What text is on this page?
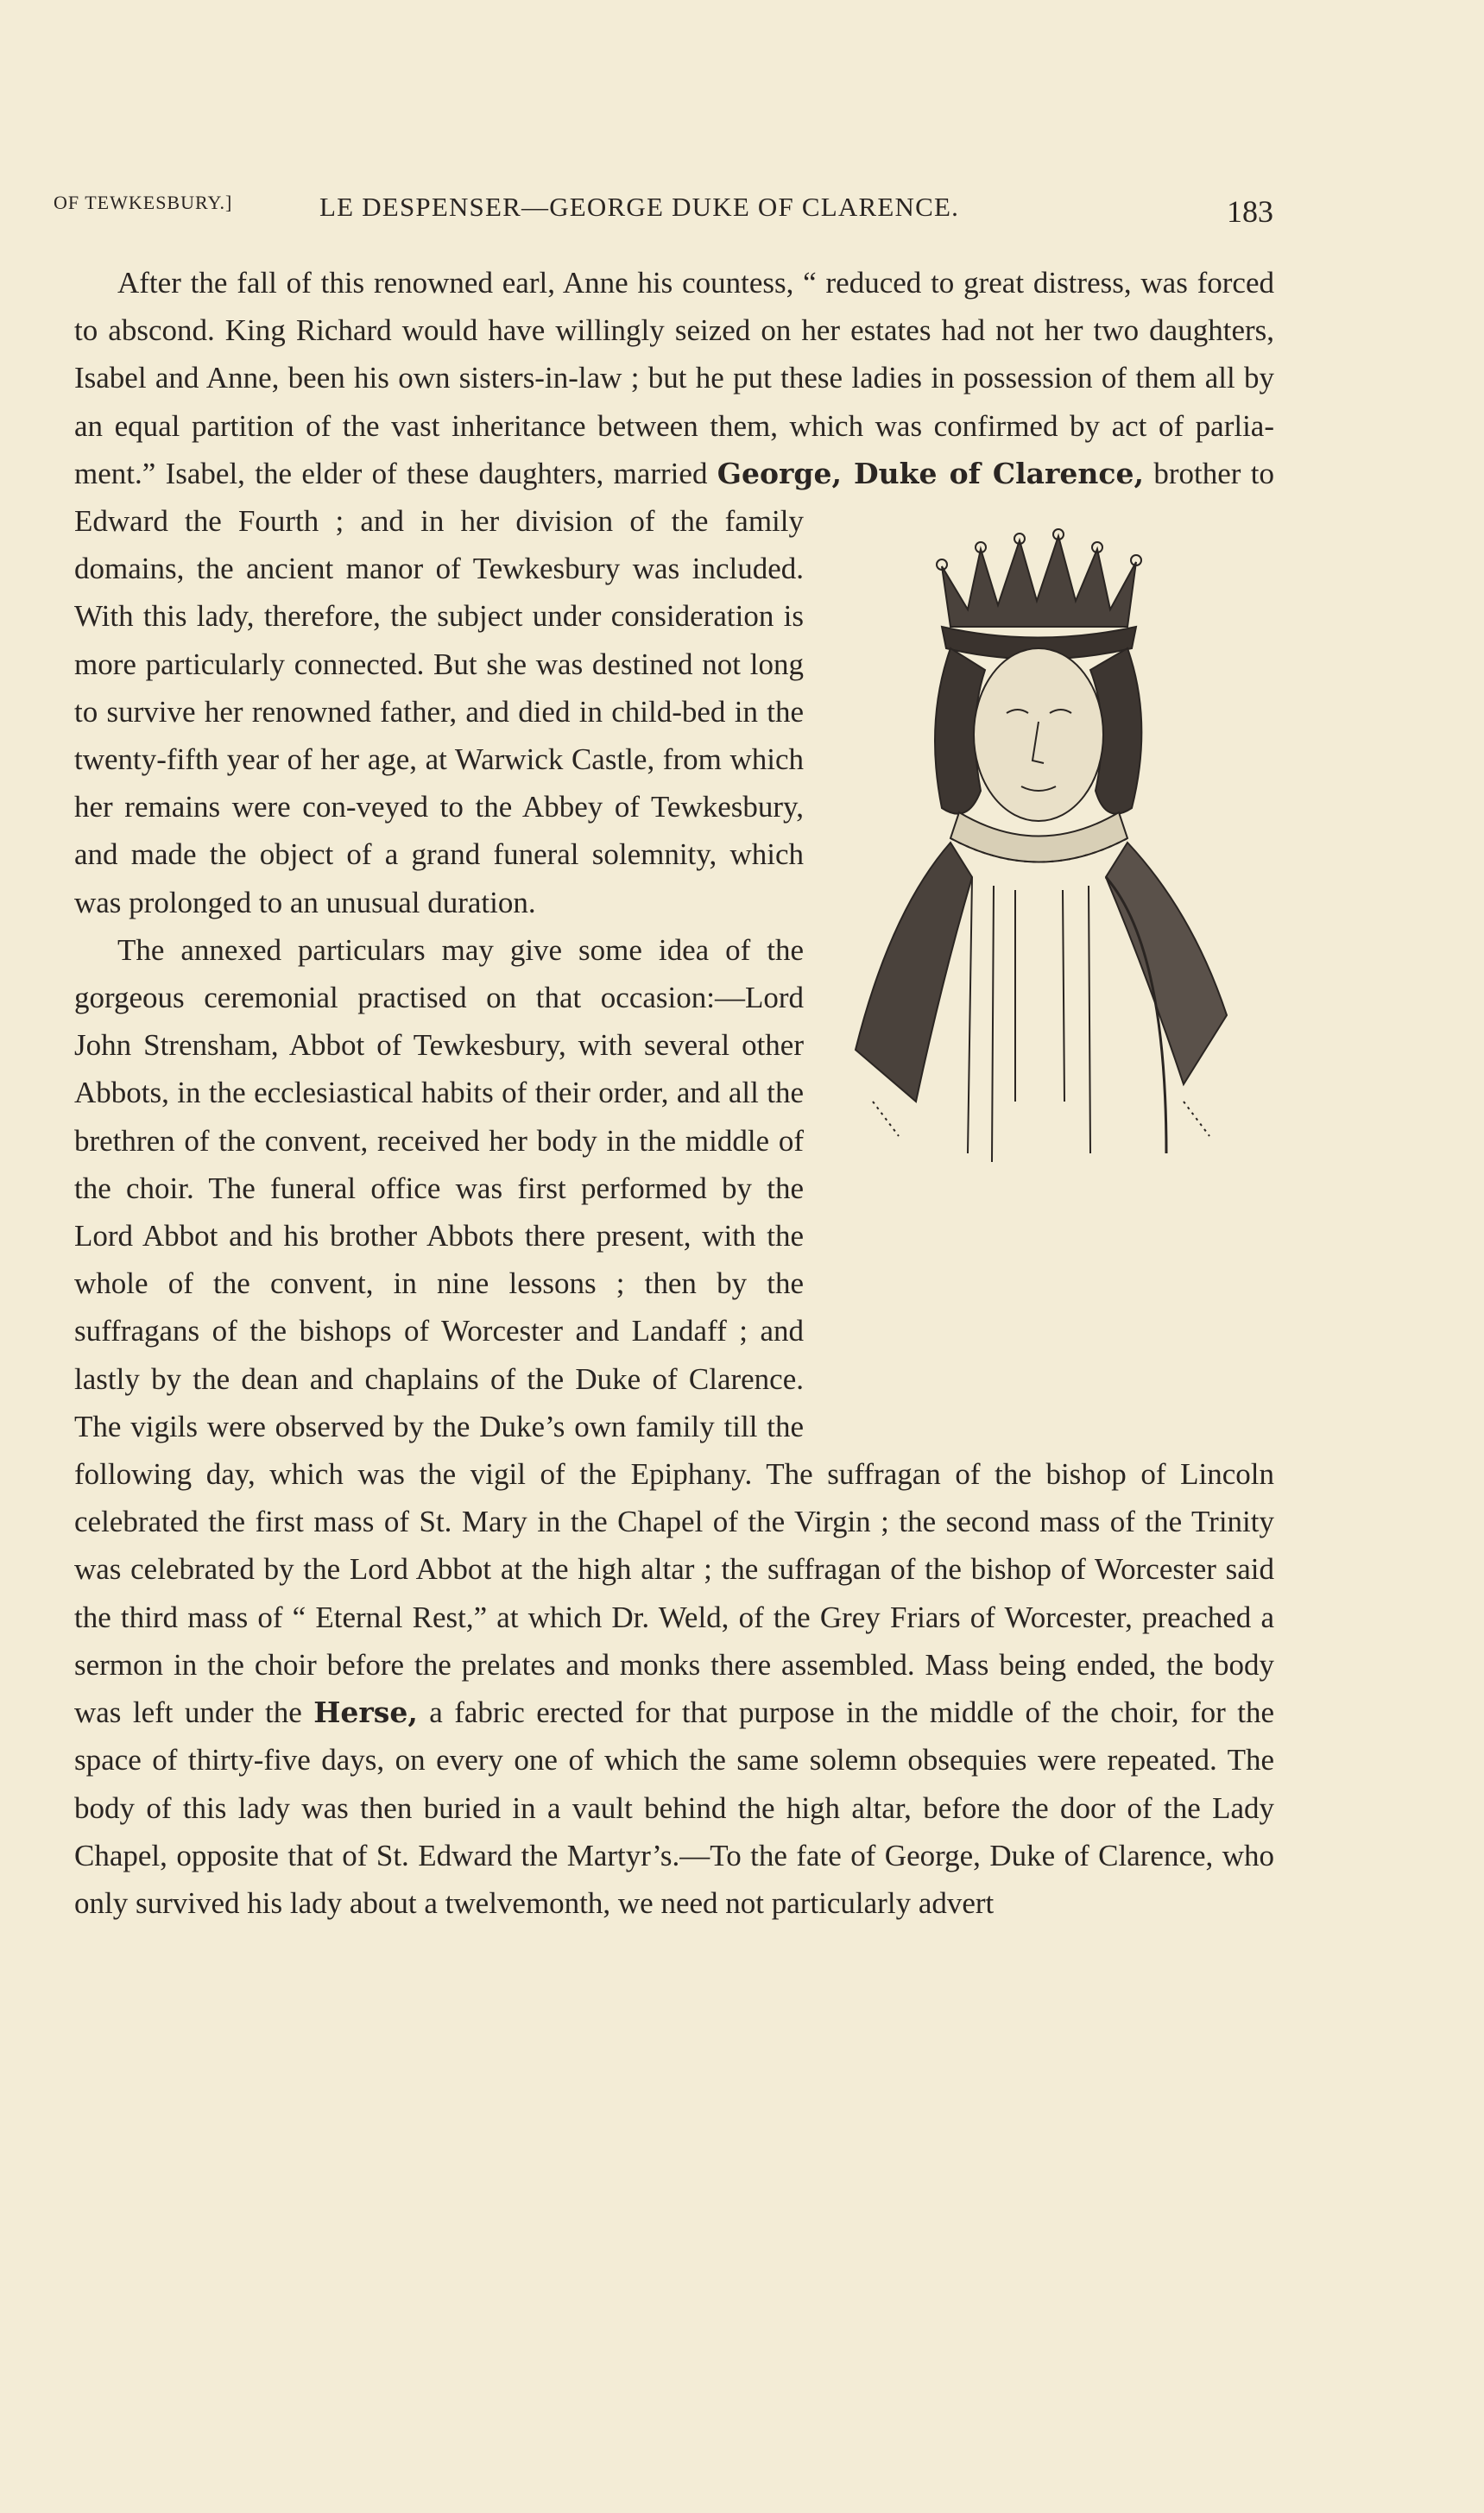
OF TEWKESBURY.]	LE DESPENSER—GEORGE DUKE OF CLARENCE.	183

After the fall of this renowned earl, Anne his countess, “ reduced to great distress, was forced to abscond. King Richard would have willingly seized on her estates had not her two daughters, Isabel and Anne, been his own sisters-in-law ; but he put these ladies in possession of them all by an equal partition of the vast inheritance between them, which was confirmed by act of parlia-ment.” Isabel, the elder of these daughters, married George, Duke of Clarence,
brother to Edward the Fourth ; and in her division of the family domains, the ancient manor of Tewkesbury was included. With this lady, therefore, the subject under consideration is more particularly connected. But she was destined not long to survive her renowned father, and died in child-bed in the twenty-fifth year of her age, at Warwick Castle, from which her remains were con-veyed to the Abbey of Tewkesbury, and made the object of a grand funeral solemnity, which was prolonged to an unusual duration.

The annexed particulars may give some idea of the gorgeous ceremonial practised on that occasion:—Lord John Strensham, Abbot of Tewkesbury, with several other Abbots, in the ecclesiastical habits of their order, and all the brethren of the convent, received her body in the middle of the choir. The funeral office was first performed by the Lord Abbot and his brother Abbots there present, with the whole of the convent, in nine lessons ; then by the suffragans of the bishops of Worcester and Landaff ; and lastly by the dean and chaplains of the Duke of Clarence. The vigils were observed by the Duke’s own family till the following day, which was the vigil of the Epiphany. The suffragan of the bishop of Lincoln celebrated the first mass of St. Mary in the Chapel of the Virgin ; the second mass of the Trinity was celebrated by the Lord Abbot at the high altar ; the suffragan of the bishop of Worcester said the third mass of “ Eternal Rest,” at which Dr. Weld, of the Grey Friars of Worcester, preached a sermon in the choir before the prelates and monks there assembled. Mass being ended, the body was left under the Herse, a fabric erected for that purpose in the middle of the choir, for the space of thirty-five days, on every one of which the same solemn obsequies were repeated. The body of this lady was then buried in a vault behind the high altar, before the door of the Lady Chapel, opposite that of St. Edward the Martyr’s.—To the fate of George, Duke of Clarence, who only survived his lady about a twelvemonth, we need not particularly advert
